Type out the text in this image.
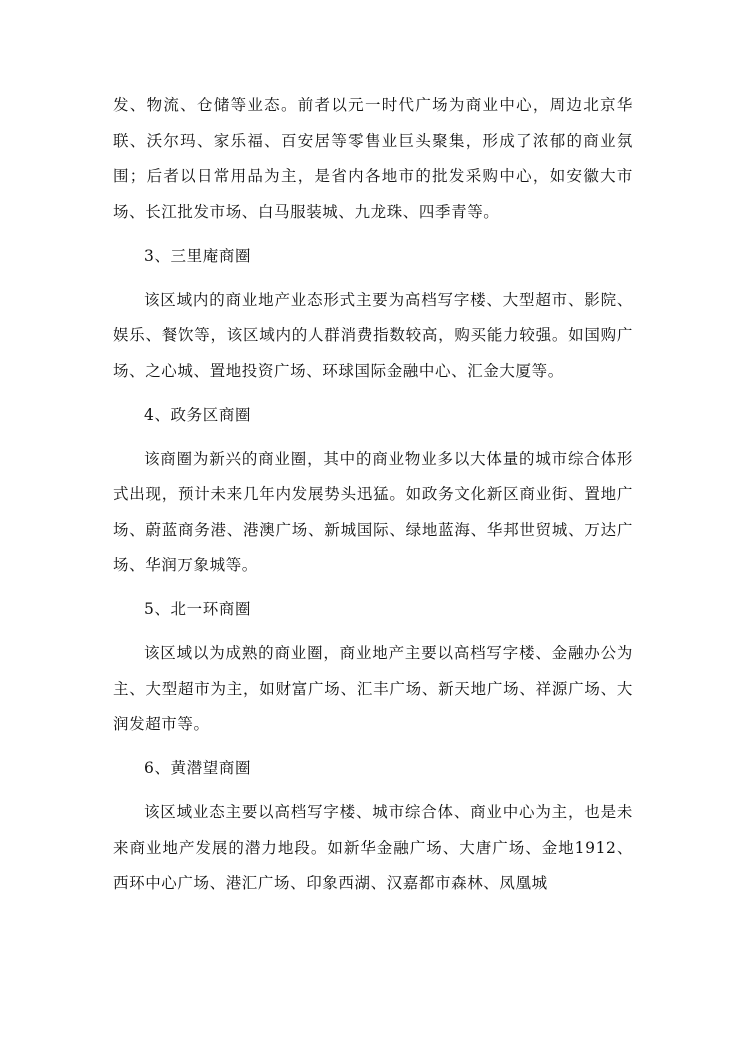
发、物流、仓储等业态。前者以元一时代广场为商业中心，周边北京华联、沃尔玛、家乐福、百安居等零售业巨头聚集，形成了浓郁的商业氛围；后者以日常用品为主，是省内各地市的批发采购中心，如安徽大市场、长江批发市场、白马服装城、九龙珠、四季青等。

3、三里庵商圈

该区域内的商业地产业态形式主要为高档写字楼、大型超市、影院、娱乐、餐饮等，该区域内的人群消费指数较高，购买能力较强。如国购广场、之心城、置地投资广场、环球国际金融中心、汇金大厦等。

4、政务区商圈

该商圈为新兴的商业圈，其中的商业物业多以大体量的城市综合体形式出现，预计未来几年内发展势头迅猛。如政务文化新区商业街、置地广场、蔚蓝商务港、港澳广场、新城国际、绿地蓝海、华邦世贸城、万达广场、华润万象城等。

5、北一环商圈

该区域以为成熟的商业圈，商业地产主要以高档写字楼、金融办公为主、大型超市为主，如财富广场、汇丰广场、新天地广场、祥源广场、大润发超市等。

6、黄潜望商圈

该区域业态主要以高档写字楼、城市综合体、商业中心为主，也是未来商业地产发展的潜力地段。如新华金融广场、大唐广场、金地1912、西环中心广场、港汇广场、印象西湖、汉嘉都市森林、凤凰城
